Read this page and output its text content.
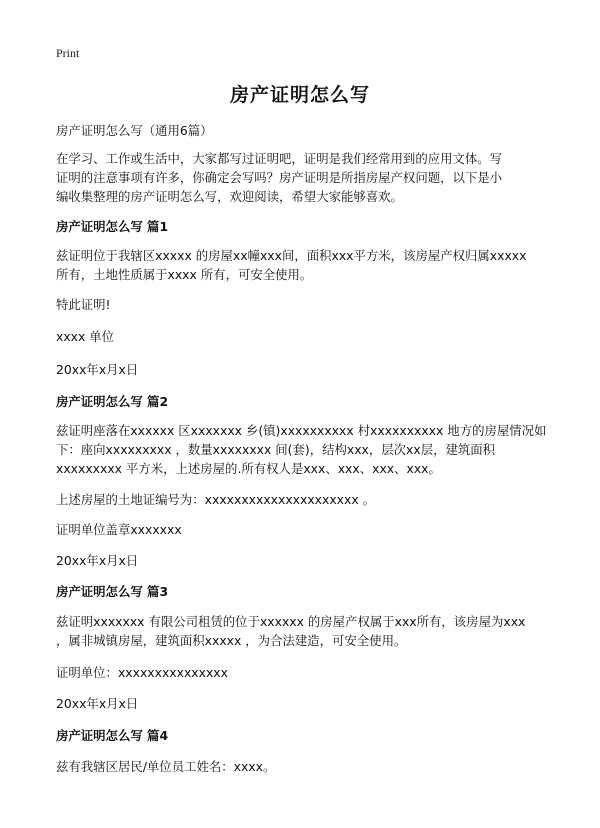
Print
房产证明怎么写
房产证明怎么写（通用6篇）
在学习、工作或生活中，大家都写过证明吧，证明是我们经常用到的应用文体。写
证明的注意事项有许多，你确定会写吗？房产证明是所指房屋产权问题，以下是小
编收集整理的房产证明怎么写，欢迎阅读，希望大家能够喜欢。
房产证明怎么写 篇1
兹证明位于我辖区xxxxx 的房屋xx幢xxx间，面积xxx平方米，该房屋产权归属xxxxx
所有，土地性质属于xxxx 所有，可安全使用。
特此证明!
xxxx 单位
20xx年x月x日
房产证明怎么写 篇2
兹证明座落在xxxxxx 区xxxxxxx 乡(镇)xxxxxxxxxx 村xxxxxxxxxx 地方的房屋情况如
下：座向xxxxxxxxx ，数量xxxxxxxx 间(套)，结构xxx，层次xx层，建筑面积
xxxxxxxxx 平方米，上述房屋的.所有权人是xxx、xxx、xxx、xxx。
上述房屋的土地证编号为：xxxxxxxxxxxxxxxxxxxxx 。
证明单位盖章xxxxxxx
20xx年x月x日
房产证明怎么写 篇3
兹证明xxxxxxx 有限公司租赁的位于xxxxxx 的房屋产权属于xxx所有，该房屋为xxx
，属非城镇房屋，建筑面积xxxxx ，为合法建造，可安全使用。
证明单位：xxxxxxxxxxxxxxx
20xx年x月x日
房产证明怎么写 篇4
兹有我辖区居民/单位员工姓名：xxxx。
